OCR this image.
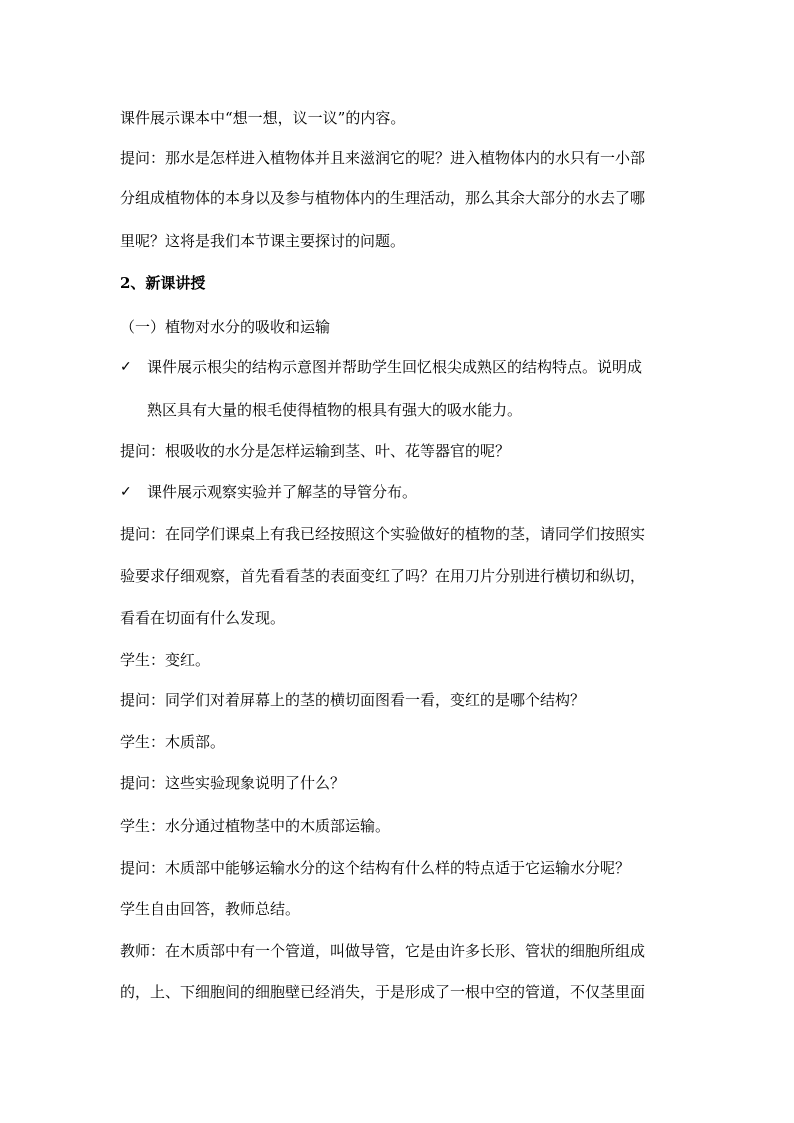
课件展示课本中“想一想，议一议”的内容。
提问：那水是怎样进入植物体并且来滋润它的呢？进入植物体内的水只有一小部
分组成植物体的本身以及参与植物体内的生理活动，那么其余大部分的水去了哪
里呢？这将是我们本节课主要探讨的问题。
2、新课讲授
（一）植物对水分的吸收和运输
✓ 课件展示根尖的结构示意图并帮助学生回忆根尖成熟区的结构特点。说明成
熟区具有大量的根毛使得植物的根具有强大的吸水能力。
提问：根吸收的水分是怎样运输到茎、叶、花等器官的呢？
✓ 课件展示观察实验并了解茎的导管分布。
提问：在同学们课桌上有我已经按照这个实验做好的植物的茎，请同学们按照实
验要求仔细观察，首先看看茎的表面变红了吗？在用刀片分别进行横切和纵切，
看看在切面有什么发现。
学生：变红。
提问：同学们对着屏幕上的茎的横切面图看一看，变红的是哪个结构？
学生：木质部。
提问：这些实验现象说明了什么？
学生：水分通过植物茎中的木质部运输。
提问：木质部中能够运输水分的这个结构有什么样的特点适于它运输水分呢？
学生自由回答，教师总结。
教师：在木质部中有一个管道，叫做导管，它是由许多长形、管状的细胞所组成
的，上、下细胞间的细胞壁已经消失，于是形成了一根中空的管道，不仅茎里面
